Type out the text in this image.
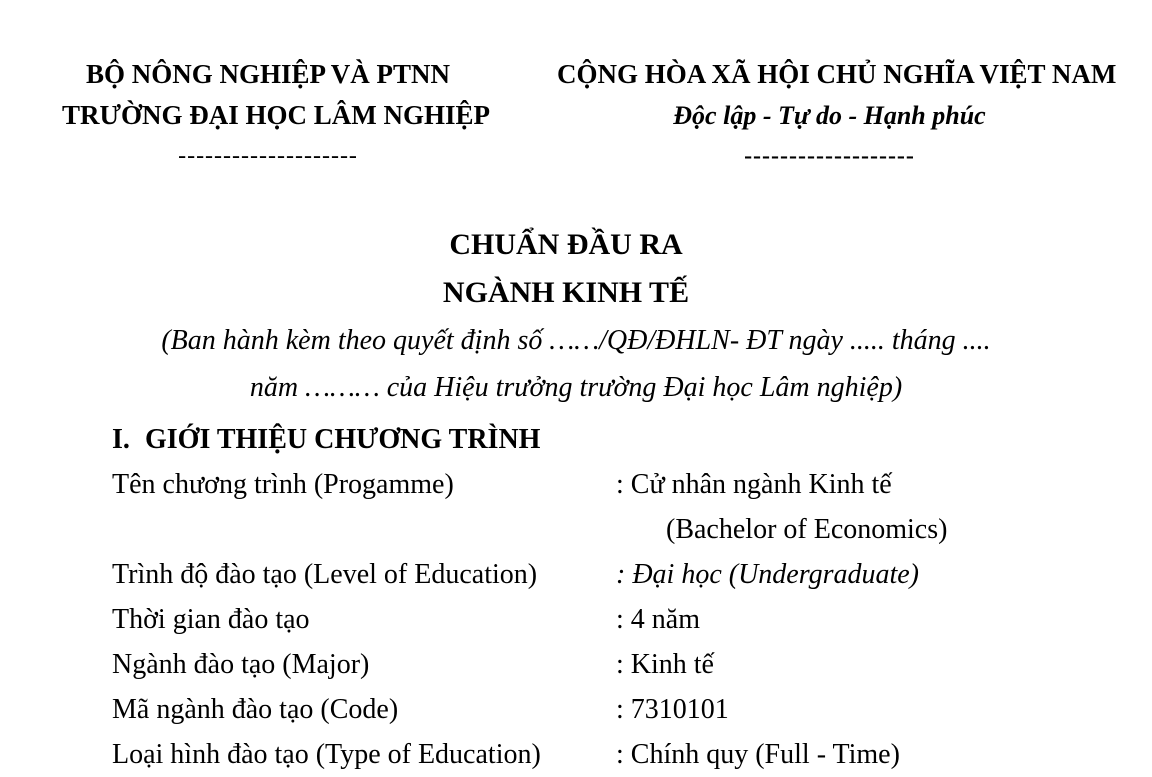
BỘ NÔNG NGHIỆP VÀ PTNN
TRƯỜNG ĐẠI HỌC LÂM NGHIỆP
--------------------
CỘNG HÒA XÃ HỘI CHỦ NGHĨA VIỆT NAM
Độc lập - Tự do - Hạnh phúc
-------------------
CHUẨN ĐẦU RA
NGÀNH KINH TẾ
(Ban hành kèm theo quyết định số ……/QĐ/ĐHLN- ĐT ngày ..... tháng ....
năm ……… của Hiệu trưởng trường Đại học Lâm nghiệp)
I. GIỚI THIỆU CHƯƠNG TRÌNH
Tên chương trình (Progamme)	: Cử nhân ngành Kinh tế
(Bachelor of Economics)
Trình độ đào tạo (Level of Education)	: Đại học (Undergraduate)
Thời gian đào tạo	: 4 năm
Ngành đào tạo (Major)	: Kinh tế
Mã ngành đào tạo (Code)	: 7310101
Loại hình đào tạo (Type of Education)	: Chính quy (Full - Time)
